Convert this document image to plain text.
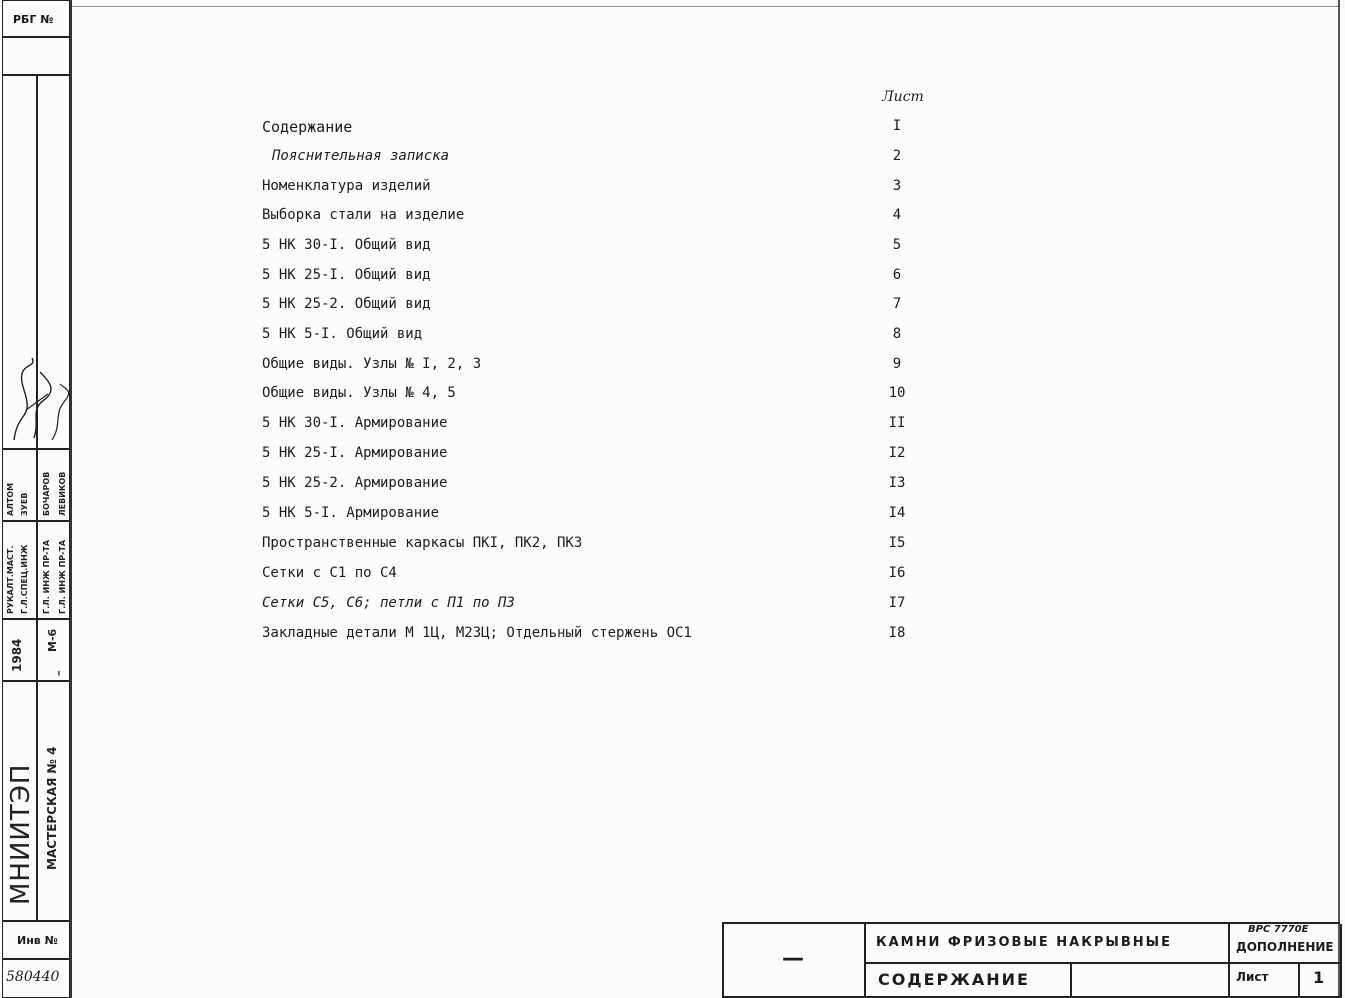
РБГ №
МНИИТЭП МАСТЕРСКАЯ № 4
1984 М-6
–
РУКАЛТ.МАСТ. Г.Л.СПЕЦ.ИНЖ Г.Л. ИНЖ ПР-ТА Г.Л. ИНЖ ПР-ТА
АЛТОМ ЗУЕВ БОЧАРОВ ЛЕВИКОВ
Инв №
580440
Лист
Содержание	I
Пояснительная записка	2
Номенклатура изделий	3
Выборка стали на изделие	4
5 НК 30-I. Общий вид	5
5 НК 25-I. Общий вид	6
5 НК 25-2. Общий вид	7
5 НК 5-I. Общий вид	8
Общие виды. Узлы № I, 2, 3	9
Общие виды. Узлы № 4, 5	10
5 НК 30-I. Армирование	II
5 НК 25-I. Армирование	I2
5 НК 25-2. Армирование	I3
5 НК 5-I. Армирование	I4
Пространственные каркасы ПКI, ПК2, ПК3	I5
Сетки с С1 по С4	I6
Сетки С5, С6; петли с П1 по П3	I7
Закладные детали М 1Ц, М2ЗЦ; Отдельный стержень ОС1	I8
—
КАМНИ ФРИЗОВЫЕ НАКРЫВНЫЕ
СОДЕРЖАНИЕ
ВРС 7770Е
ДОПОЛНЕНИЕ
Лист	1
